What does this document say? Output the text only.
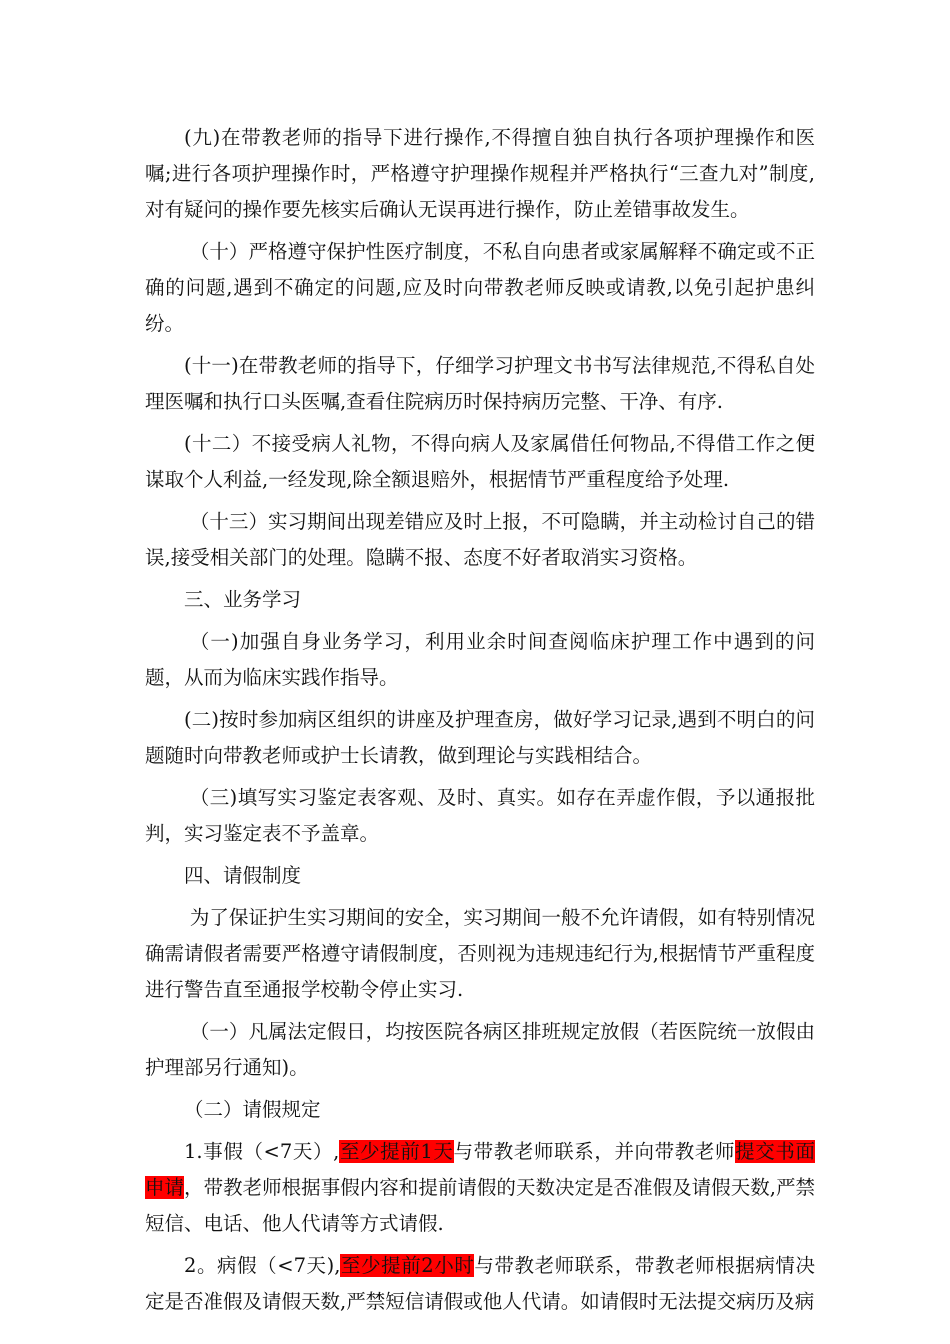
(九)在带教老师的指导下进行操作,不得擅自独自执行各项护理操作和医嘱;进行各项护理操作时，严格遵守护理操作规程并严格执行“三查九对”制度,对有疑问的操作要先核实后确认无误再进行操作，防止差错事故发生。

（十）严格遵守保护性医疗制度，不私自向患者或家属解释不确定或不正确的问题,遇到不确定的问题,应及时向带教老师反映或请教,以免引起护患纠纷。

(十一)在带教老师的指导下，仔细学习护理文书书写法律规范,不得私自处理医嘱和执行口头医嘱,查看住院病历时保持病历完整、干净、有序.

(十二）不接受病人礼物，不得向病人及家属借任何物品,不得借工作之便谋取个人利益,一经发现,除全额退赔外，根据情节严重程度给予处理.

（十三）实习期间出现差错应及时上报，不可隐瞒，并主动检讨自己的错误,接受相关部门的处理。隐瞒不报、态度不好者取消实习资格。

三、业务学习

（一)加强自身业务学习，利用业余时间查阅临床护理工作中遇到的问题，从而为临床实践作指导。

(二)按时参加病区组织的讲座及护理查房，做好学习记录,遇到不明白的问题随时向带教老师或护士长请教，做到理论与实践相结合。

（三)填写实习鉴定表客观、及时、真实。如存在弄虚作假，予以通报批判，实习鉴定表不予盖章。

四、请假制度

为了保证护生实习期间的安全，实习期间一般不允许请假，如有特别情况确需请假者需要严格遵守请假制度，否则视为违规违纪行为,根据情节严重程度进行警告直至通报学校勒令停止实习.

（一）凡属法定假日，均按医院各病区排班规定放假（若医院统一放假由护理部另行通知)。

（二）请假规定

1.事假（<7天）,至少提前1天与带教老师联系，并向带教老师提交书面申请，带教老师根据事假内容和提前请假的天数决定是否准假及请假天数,严禁短信、电话、他人代请等方式请假.

2。病假（<7天),至少提前2小时与带教老师联系，带教老师根据病情决定是否准假及请假天数,严禁短信请假或他人代请。如请假时无法提交病历及病
